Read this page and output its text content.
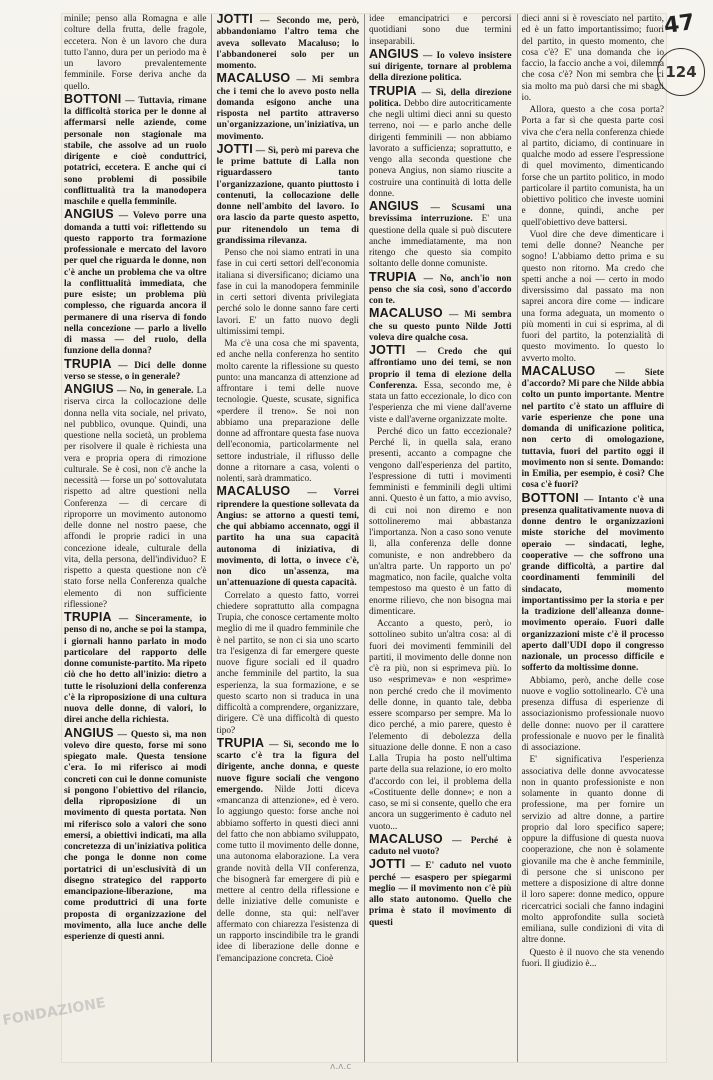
minile; penso alla Romagna e alle colture della frutta, delle fragole, eccetera. Non è un lavoro che dura tutto l'anno, dura per un periodo ma è un lavoro prevalentemente femminile. Forse deriva anche da quello.

BOTTONI — Tuttavia, rimane la difficoltà storica per le donne al affermarsi nelle aziende, come personale non stagionale ma stabile, che assolve ad un ruolo dirigente e cioè conduttrici, potatrici, eccetera. E anche qui ci sono problemi di possibile conflittualità tra la manodopera maschile e quella femminile.

ANGIUS — Volevo porre una domanda a tutti voi: riflettendo su questo rapporto tra formazione professionale e mercato del lavoro per quel che riguarda le donne, non c'è anche un problema che va oltre la conflittualità immediata, che pure esiste; un problema più complesso, che riguarda ancora il permanere di una riserva di fondo nella concezione — parlo a livello di massa — del ruolo, della funzione della donna?

TRUPIA — Dici delle donne verso se stesse, o in generale?

ANGIUS — No, in generale. La riserva circa la collocazione delle donna nella vita sociale, nel privato, nel pubblico, ovunque. Quindi, una questione nella società, un problema per risolvere il quale è richiesta una vera e propria opera di rimozione culturale. Se è così, non c'è anche la necessità — forse un po' sottovalutata rispetto ad altre questioni nella Conferenza — di cercare di riproporre un movimento autonomo delle donne nel nostro paese, che affondi le proprie radici in una concezione ideale, culturale della vita, della persona, dell'individuo? E rispetto a questa questione non c'è stato forse nella Conferenza qualche elemento di non sufficiente riflessione?

TRUPIA — Sinceramente, io penso di no, anche se poi la stampa, i giornali hanno parlato in modo particolare del rapporto delle donne comuniste-partito. Ma ripeto ciò che ho detto all'inizio: dietro a tutte le risoluzioni della conferenza c'è la riproposizione di una cultura nuova delle donne, di valori, lo direi anche della richiesta.

ANGIUS — Questo sì, ma non volevo dire questo, forse mi sono spiegato male. Questa tensione c'era. Io mi riferisco ai modi concreti con cui le donne comuniste si pongono l'obiettivo del rilancio, della riproposizione di un movimento di questa portata. Non mi riferisco solo a valori che sono emersi, a obiettivi indicati, ma alla concretezza di un'iniziativa politica che ponga le donne non come portatrici di un'esclusività di un disegno strategico del rapporto emancipazione-liberazione, ma come produttrici di una forte proposta di organizzazione del movimento, alla luce anche delle esperienze di questi anni.

JOTTI — Secondo me, però, abbandoniamo l'altro tema che aveva sollevato Macaluso; lo l'abbandonerei solo per un momento.

MACALUSO — Mi sembra che i temi che lo avevo posto nella domanda esigono anche una risposta nel partito attraverso un'organizzazione, un'iniziativa, un movimento.

JOTTI — Sì, però mi pareva che le prime battute di Lalla non riguardassero tanto l'organizzazione, quanto piuttosto i contenuti, la collocazione delle donne nell'ambito del lavoro. Io ora lascio da parte questo aspetto, pur ritenendolo un tema di grandissima rilevanza.

Penso che noi siamo entrati in una fase in cui certi settori dell'economia italiana si diversificano; diciamo una fase in cui la manodopera femminile in certi settori diventa privilegiata perché solo le donne sanno fare certi lavori. E' un fatto nuovo degli ultimissimi tempi.

Ma c'è una cosa che mi spaventa, ed anche nella conferenza ho sentito molto carente la riflessione su questo punto: una mancanza di attenzione ad affrontare i temi delle nuove tecnologie. Queste, scusate, significa «perdere il treno». Se noi non abbiamo una preparazione delle donne ad affrontare questa fase nuova dell'economia, particolarmente nel settore industriale, il riflusso delle donne a ritornare a casa, volenti o nolenti, sarà drammatico.

MACALUSO — Vorrei riprendere la questione sollevata da Angius: se attorno a questi temi, che qui abbiamo accennato, oggi il partito ha una sua capacità autonoma di iniziativa, di movimento, di lotta, o invece c'è, non dico un'assenza, ma un'attenuazione di questa capacità.

Correlato a questo fatto, vorrei chiedere soprattutto alla compagna Trupia, che conosce certamente molto meglio di me il quadro femminile che è nel partito, se non ci sia uno scarto tra l'esigenza di far emergere queste nuove figure sociali ed il quadro anche femminile del partito, la sua esperienza, la sua formazione, e se questo scarto non si traduca in una difficoltà a comprendere, organizzare, dirigere. C'è una difficoltà di questo tipo?

TRUPIA — Sì, secondo me lo scarto c'è tra la figura del dirigente, anche donna, e queste nuove figure sociali che vengono emergendo. Nilde Jotti diceva «mancanza di attenzione», ed è vero. Io aggiungo questo: forse anche noi abbiamo sofferto in questi dieci anni del fatto che non abbiamo sviluppato, come tutto il movimento delle donne, una autonoma elaborazione. La vera grande novità della VII conferenza, che bisognerà far emergere di più e mettere al centro della riflessione e delle iniziative delle comuniste e delle donne, sta qui: nell'aver affermato con chiarezza l'esistenza di un rapporto inscindibile tra le grandi idee di liberazione delle donne e l'emancipazione concreta. Cioè

idee emancipatrici e percorsi quotidiani sono due termini inseparabili.

ANGIUS — Io volevo insistere sui dirigente, tornare al problema della direzione politica.

TRUPIA — Sì, della direzione politica. Debbo dire autocriticamente che negli ultimi dieci anni su questo terreno, noi — e parlo anche delle dirigenti femminili — non abbiamo lavorato a sufficienza; soprattutto, e vengo alla seconda questione che poneva Angius, non siamo riuscite a costruire una continuità di lotta delle donne.

ANGIUS — Scusami una brevissima interruzione. E' una questione della quale si può discutere anche immediatamente, ma non ritengo che questo sia compito soltanto delle donne comuniste.

TRUPIA — No, anch'io non penso che sia così, sono d'accordo con te.

MACALUSO — Mi sembra che su questo punto Nilde Jotti voleva dire qualche cosa.

JOTTI — Credo che qui affrontiamo uno dei temi, se non proprio il tema di elezione della Conferenza. Essa, secondo me, è stata un fatto eccezionale, lo dico con l'esperienza che mi viene dall'averne viste e dall'averne organizzate molte.

Perché dico un fatto eccezionale? Perché lì, in quella sala, erano presenti, accanto a compagne che vengono dall'esperienza del partito, l'espressione di tutti i movimenti femministi e femminili degli ultimi anni. Questo è un fatto, a mio avviso, di cui noi non diremo e non sottolineremo mai abbastanza l'importanza. Non a caso sono venute lì, alla conferenza delle donne comuniste, e non andrebbero da un'altra parte. Un rapporto un po' magmatico, non facile, qualche volta tempestoso ma questo è un fatto di enorme rilievo, che non bisogna mai dimenticare.

Accanto a questo, però, io sottolineo subito un'altra cosa: al di fuori dei movimenti femminili del partiti, il movimento delle donne non c'è ra più, non si esprimeva più. Io uso «esprimeva» e non «esprime» non perché credo che il movimento delle donne, in quanto tale, debba essere scomparso per sempre. Ma lo dico perché, a mio parere, questo è l'elemento di debolezza della situazione delle donne. E non a caso Lalla Trupia ha posto nell'ultima parte della sua relazione, io ero molto d'accordo con lei, il problema della «Costituente delle donne»; e non a caso, se mi si consente, quello che era ancora un suggerimento è caduto nel vuoto...

MACALUSO — Perché è caduto nel vuoto?

JOTTI — E' caduto nel vuoto perché — esaspero per spiegarmi meglio — il movimento non c'è più allo stato autonomo. Quello che prima è stato il movimento di questi

dieci anni si è rovesciato nel partito, ed è un fatto importantissimo; fuori del partito, in questo momento, che cosa c'è? E' una domanda che io faccio, la faccio anche a voi, dilemma che cosa c'è? Non mi sembra che ci sia molto ma può darsi che mi sbagli io.

Allora, questo a che cosa porta? Porta a far sì che questa parte così viva che c'era nella conferenza chiede al partito, diciamo, di continuare in qualche modo ad essere l'espressione di quel movimento, dimenticando forse che un partito politico, in modo particolare il partito comunista, ha un obiettivo politico che investe uomini e donne, quindi, anche per quell'obiettivo deve battersi.

Vuol dire che deve dimenticare i temi delle donne? Neanche per sogno! L'abbiamo detto prima e su questo non ritorno. Ma credo che spetti anche a noi — certo in modo diversissimo dal passato ma non saprei ancora dire come — indicare una forma adeguata, un momento o più momenti in cui si esprima, al di fuori del partito, la potenzialità di questo movimento. Io questo lo avverto molto.

MACALUSO — Siete d'accordo? Mi pare che Nilde abbia colto un punto importante. Mentre nel partito c'è stato un affluire di varie esperienze che pone una domanda di unificazione politica, non certo di omologazione, tuttavia, fuori del partito oggi il movimento non si sente. Domando: in Emilia, per esempio, è così? Che cosa c'è fuori?

BOTTONI — Intanto c'è una presenza qualitativamente nuova di donne dentro le organizzazioni miste storiche del movimento operaio — sindacati, leghe, cooperative — che soffrono una grande difficoltà, a partire dal coordinamenti femminili del sindacato, momento importantissimo per la storia e per la tradizione dell'alleanza donne-movimento operaio. Fuori dalle organizzazioni miste c'è il processo aperto dall'UDI dopo il congresso nazionale, un processo difficile e sofferto da moltissime donne.

Abbiamo, però, anche delle cose nuove e voglio sottolinearlo. C'è una presenza diffusa di esperienze di associazionismo professionale nuovo delle donne: nuovo per il carattere professionale e nuovo per le finalità di associazione.

E' significativa l'esperienza associativa delle donne avvocatesse non in quanto professioniste e non solamente in quanto donne di professione, ma per fornire un servizio ad altre donne, a partire proprio dal loro specifico sapere; oppure la diffusione di questa nuova cooperazione, che non è solamente giovanile ma che è anche femminile, di persone che si uniscono per mettere a disposizione di altre donne il loro sapere: donne medico, oppure ricercatrici sociali che fanno indagini molto approfondite sulla società emiliana, sulle condizioni di vita di altre donne.

Questo è il nuovo che sta venendo fuori. Il giudizio è...

47
124
ᴧ.ᴧ.c
FONDAZIONE
